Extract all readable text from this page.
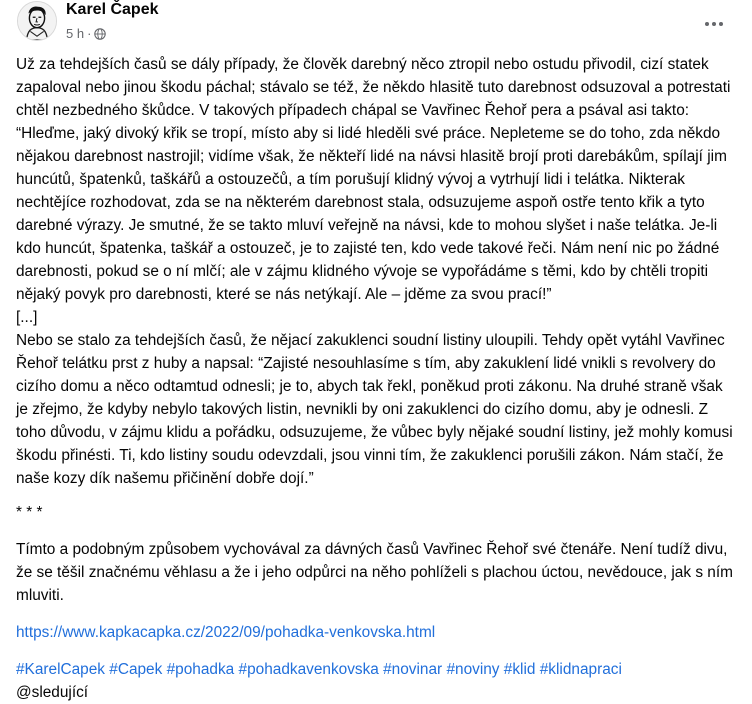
Karel Čapek
5 h ·

Už za tehdejších časů se dály případy, že člověk darebný něco ztropil nebo ostudu přivodil, cizí statek zapaloval nebo jinou škodu páchal; stávalo se též, že někdo hlasitě tuto darebnost odsuzoval a potrestati chtěl nezbedného škůdce. V takových případech chápal se Vavřinec Řehoř pera a psával asi takto: “Hleďme, jaký divoký křik se tropí, místo aby si lidé hleděli své práce. Nepleteme se do toho, zda někdo nějakou darebnost nastrojil; vidíme však, že někteří lidé na návsi hlasitě brojí proti darebákům, spílají jim huncútů, špatenků, taškářů a ostouzečů, a tím porušují klidný vývoj a vytrhují lidi i telátka. Nikterak nechtějíce rozhodovat, zda se na některém darebnost stala, odsuzujeme aspoň ostře tento křik a tyto darebné výrazy. Je smutné, že se takto mluví veřejně na návsi, kde to mohou slyšet i naše telátka. Je-li kdo huncút, špatenka, taškář a ostouzeč, je to zajisté ten, kdo vede takové řeči. Nám není nic po žádné darebnosti, pokud se o ní mlčí; ale v zájmu klidného vývoje se vypořádáme s těmi, kdo by chtěli tropiti nějaký povyk pro darebnosti, které se nás netýkají. Ale – jděme za svou prací!”

[...]

Nebo se stalo za tehdejších časů, že nějací zakuklenci soudní listiny uloupili. Tehdy opět vytáhl Vavřinec Řehoř telátku prst z huby a napsal: “Zajisté nesouhlasíme s tím, aby zakuklení lidé vnikli s revolvery do cizího domu a něco odtamtud odnesli; je to, abych tak řekl, poněkud proti zákonu. Na druhé straně však je zřejmo, že kdyby nebylo takových listin, nevnikli by oni zakuklenci do cizího domu, aby je odnesli. Z toho důvodu, v zájmu klidu a pořádku, odsuzujeme, že vůbec byly nějaké soudní listiny, jež mohly komusi škodu přinésti. Ti, kdo listiny soudu odevzdali, jsou vinni tím, že zakuklenci porušili zákon. Nám stačí, že naše kozy dík našemu přičinění dobře dojí.”

* * *

Tímto a podobným způsobem vychovával za dávných časů Vavřinec Řehoř své čtenáře. Není tudíž divu, že se těšil značnému věhlasu a že i jeho odpůrci na něho pohlíželi s plachou úctou, nevědouce, jak s ním mluviti.

https://www.kapkacapka.cz/2022/09/pohadka-venkovska.html

#KarelCapek #Capek #pohadka #pohadkavenkovska #novinar #noviny #klid #klidnapraci

@sledující
